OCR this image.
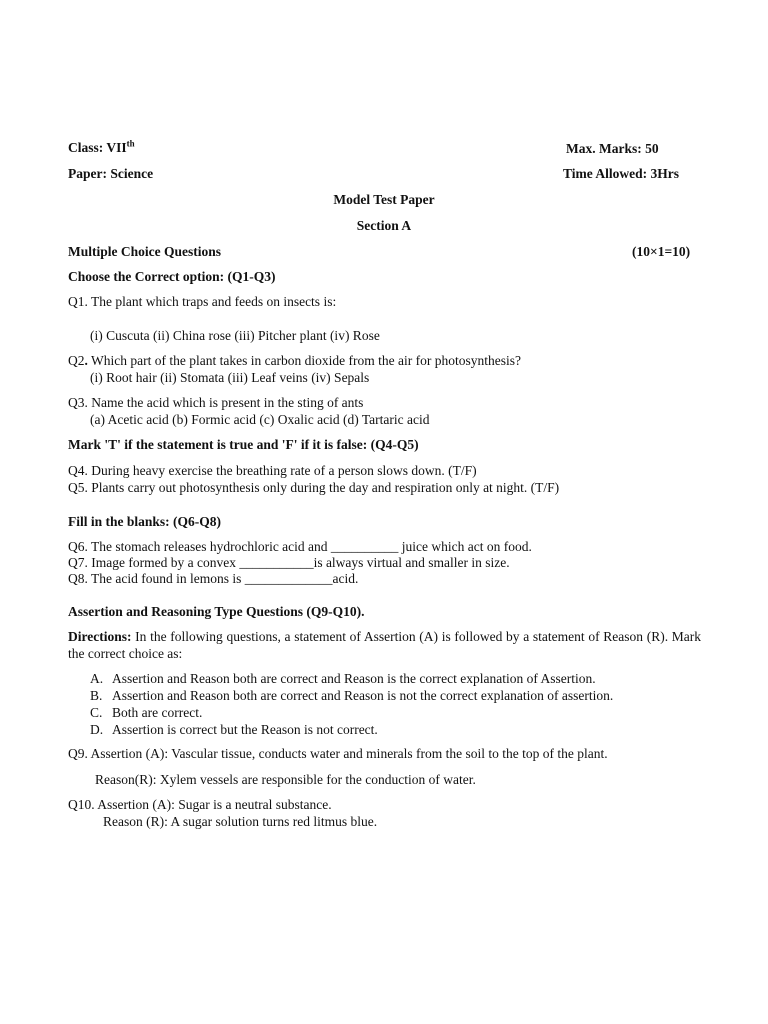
Class: VIIth	Max. Marks: 50
Paper: Science	Time Allowed: 3Hrs
Model Test Paper
Section A
Multiple Choice Questions	(10×1=10)
Choose the Correct option: (Q1-Q3)
Q1. The plant which traps and feeds on insects is:
(i) Cuscuta (ii) China rose (iii) Pitcher plant (iv) Rose
Q2. Which part of the plant takes in carbon dioxide from the air for photosynthesis?
(i) Root hair (ii) Stomata (iii) Leaf veins (iv) Sepals
Q3. Name the acid which is present in the sting of ants
(a) Acetic acid (b) Formic acid (c) Oxalic acid (d) Tartaric acid
Mark 'T' if the statement is true and 'F' if it is false: (Q4-Q5)
Q4. During heavy exercise the breathing rate of a person slows down. (T/F)
Q5. Plants carry out photosynthesis only during the day and respiration only at night. (T/F)
Fill in the blanks: (Q6-Q8)
Q6. The stomach releases hydrochloric acid and __________ juice which act on food.
Q7. Image formed by a convex ___________is always virtual and smaller in size.
Q8. The acid found in lemons is _____________acid.
Assertion and Reasoning Type Questions (Q9-Q10).
Directions: In the following questions, a statement of Assertion (A) is followed by a statement of Reason (R). Mark the correct choice as:
A. Assertion and Reason both are correct and Reason is the correct explanation of Assertion.
B. Assertion and Reason both are correct and Reason is not the correct explanation of assertion.
C. Both are correct.
D. Assertion is correct but the Reason is not correct.
Q9. Assertion (A): Vascular tissue, conducts water and minerals from the soil to the top of the plant.
Reason(R): Xylem vessels are responsible for the conduction of water.
Q10. Assertion (A): Sugar is a neutral substance.
Reason (R): A sugar solution turns red litmus blue.
